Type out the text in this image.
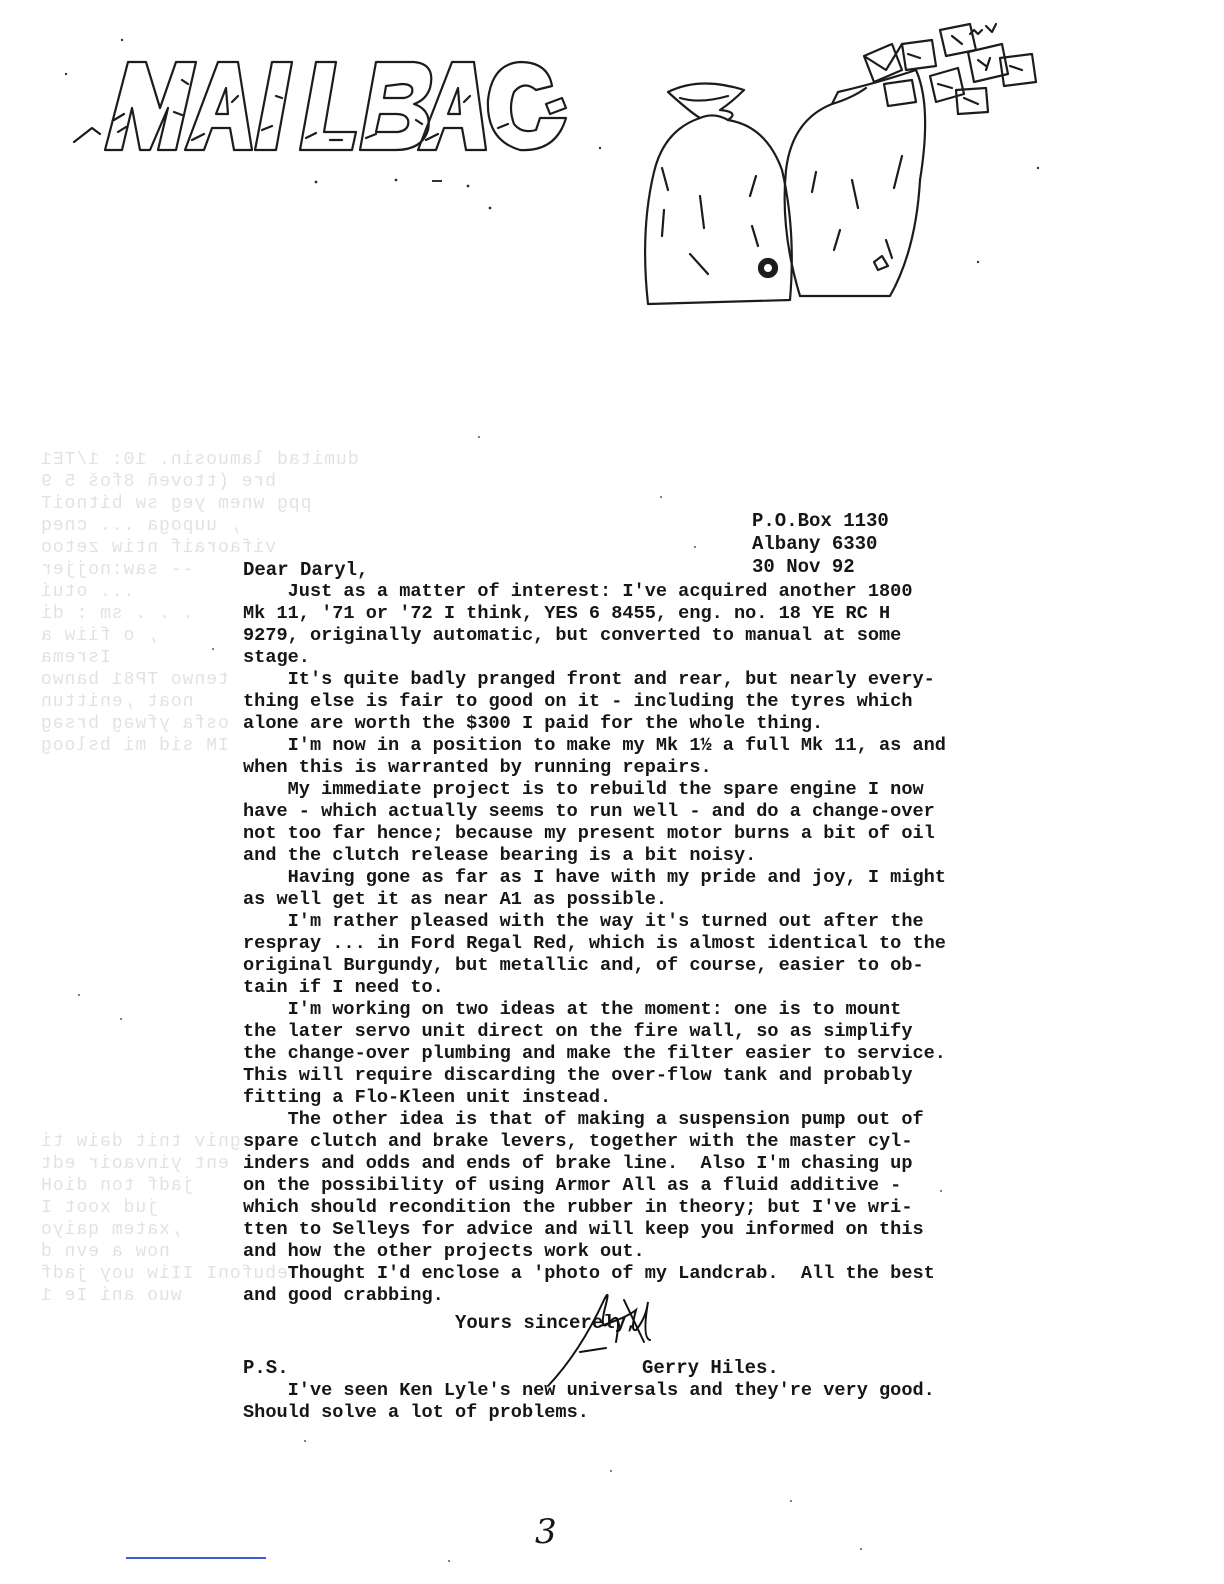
dumitad lamuosin. 10: 1/TE1

bre (ttoveñ 8foš 5 9

ppg wnem yeg sw bitnoiT

, uupoga ... cneq

vifaoraif ntiw zetoo

-- saw:nojjer

... otuí

. . . sm : di

, o fiiw a

Isrema

tenwo TP81 banwo

noat ,enittun

osfa yfwəg brsəg

IM sid mi bsloog

gniv tnit dəiw ti

ent yinvaoir edt

jadf ton dioH

jud xoot I

,xatem qaiyo

now a evn d

ebufonI IIiw uoy jadf

wuo ani Ie 1

P.O.Box 1130
Albany 6330
30 Nov 92
Dear Daryl,
Just as a matter of interest: I've acquired another 1800
Mk 11, '71 or '72 I think, YES 6 8455, eng. no. 18 YE RC H
9279, originally automatic, but converted to manual at some
stage.
It's quite badly pranged front and rear, but nearly every-
thing else is fair to good on it - including the tyres which
alone are worth the $300 I paid for the whole thing.
I'm now in a position to make my Mk 1½ a full Mk 11, as and
when this is warranted by running repairs.
My immediate project is to rebuild the spare engine I now
have - which actually seems to run well - and do a change-over
not too far hence; because my present motor burns a bit of oil
and the clutch release bearing is a bit noisy.
Having gone as far as I have with my pride and joy, I might
as well get it as near A1 as possible.
I'm rather pleased with the way it's turned out after the
respray ... in Ford Regal Red, which is almost identical to the
original Burgundy, but metallic and, of course, easier to ob-
tain if I need to.
I'm working on two ideas at the moment: one is to mount
the later servo unit direct on the fire wall, so as simplify
the change-over plumbing and make the filter easier to service.
This will require discarding the over-flow tank and probably
fitting a Flo-Kleen unit instead.
The other idea is that of making a suspension pump out of
spare clutch and brake levers, together with the master cyl-
inders and odds and ends of brake line.  Also I'm chasing up
on the possibility of using Armor All as a fluid additive -
which should recondition the rubber in theory; but I've wri-
tten to Selleys for advice and will keep you informed on this
and how the other projects work out.
Thought I'd enclose a 'photo of my Landcrab.  All the best
and good crabbing.
Yours sincerely,
P.S.	Gerry Hiles.
I've seen Ken Lyle's new universals and they're very good.
Should solve a lot of problems.
3
